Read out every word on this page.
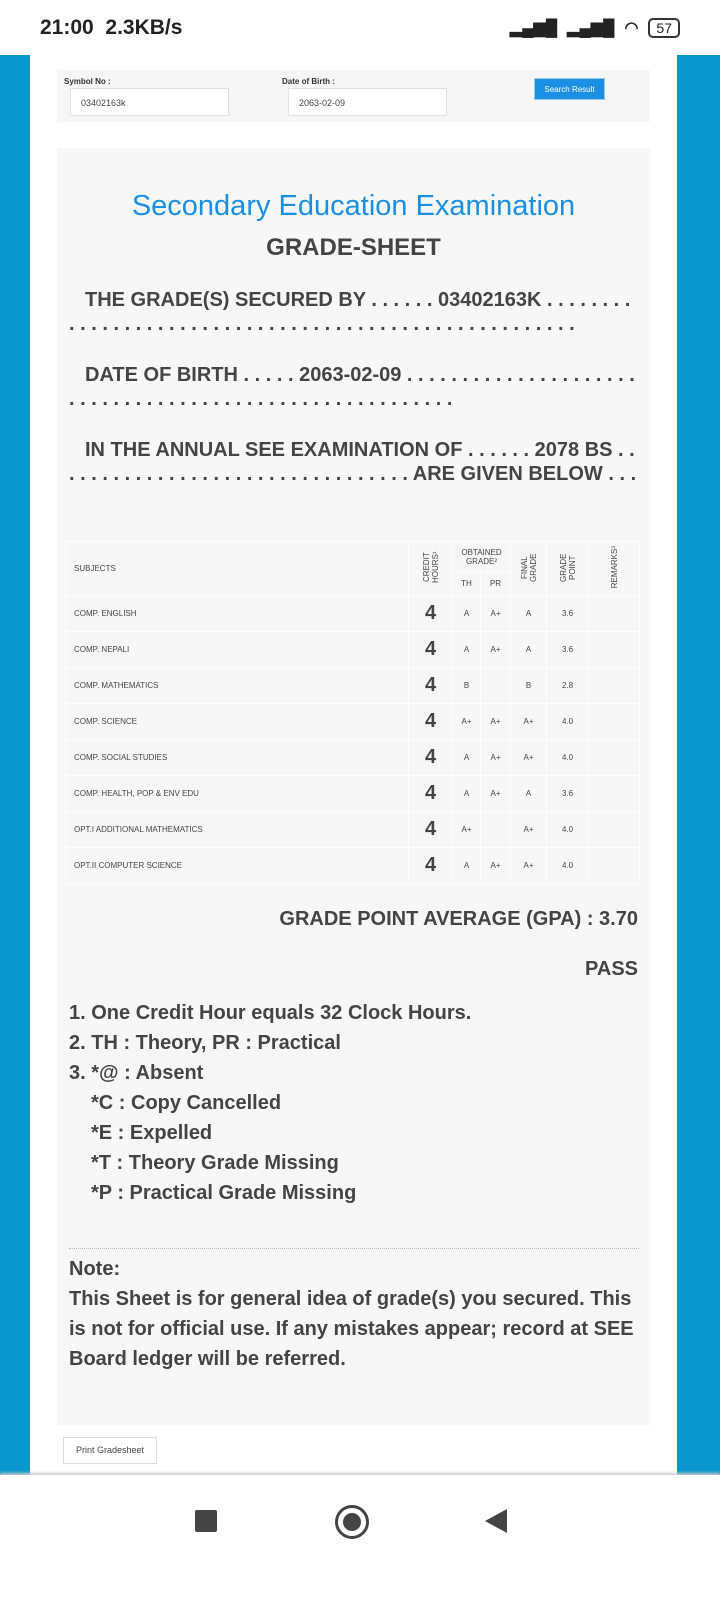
21:00
2.3KB/s	▂▄▆█ ▂▄▆█ ◠	57
Symbol No :
03402163k
Date of Birth :
2063-02-09
Search Result
Secondary Education Examination
GRADE-SHEET
THE GRADE(S) SECURED BY . . . . . . 03402163K . . . . . . . . . . . . . . . . . . . . . . . . . . . . . . . . . . . . . . . . . . . . . . . . . . . . . .
DATE OF BIRTH . . . . . 2063-02-09 . . . . . . . . . . . . . . . . . . . . . . . . . . . . . . . . . . . . . . . . . . . . . . . . . . . . . . . .
IN THE ANNUAL SEE EXAMINATION OF . . . . . . 2078 BS . . . . . . . . . . . . . . . . . . . . . . . . . . . . . . . . . ARE GIVEN BELOW . . .
SUBJECTS	CREDIT HOURS¹	OBTAINED GRADE²		FINAL GRADE	GRADE POINT	REMARKS³
		TH	PR			
COMP. ENGLISH	4	A	A+	A	3.6	
COMP. NEPALI	4	A	A+	A	3.6	
COMP. MATHEMATICS	4	B		B	2.8	
COMP. SCIENCE	4	A+	A+	A+	4.0	
COMP. SOCIAL STUDIES	4	A	A+	A+	4.0	
COMP. HEALTH, POP & ENV EDU	4	A	A+	A	3.6	
OPT.I ADDITIONAL MATHEMATICS	4	A+		A+	4.0	
OPT.II COMPUTER SCIENCE	4	A	A+	A+	4.0	
GRADE POINT AVERAGE (GPA) : 3.70
PASS
1. One Credit Hour equals 32 Clock Hours.
2. TH : Theory, PR : Practical
3. *@ : Absent
*C : Copy Cancelled
*E : Expelled
*T : Theory Grade Missing
*P : Practical Grade Missing
Note:
This Sheet is for general idea of grade(s) you secured. This is not for official use. If any mistakes appear; record at SEE Board ledger will be referred.
Print Gradesheet
